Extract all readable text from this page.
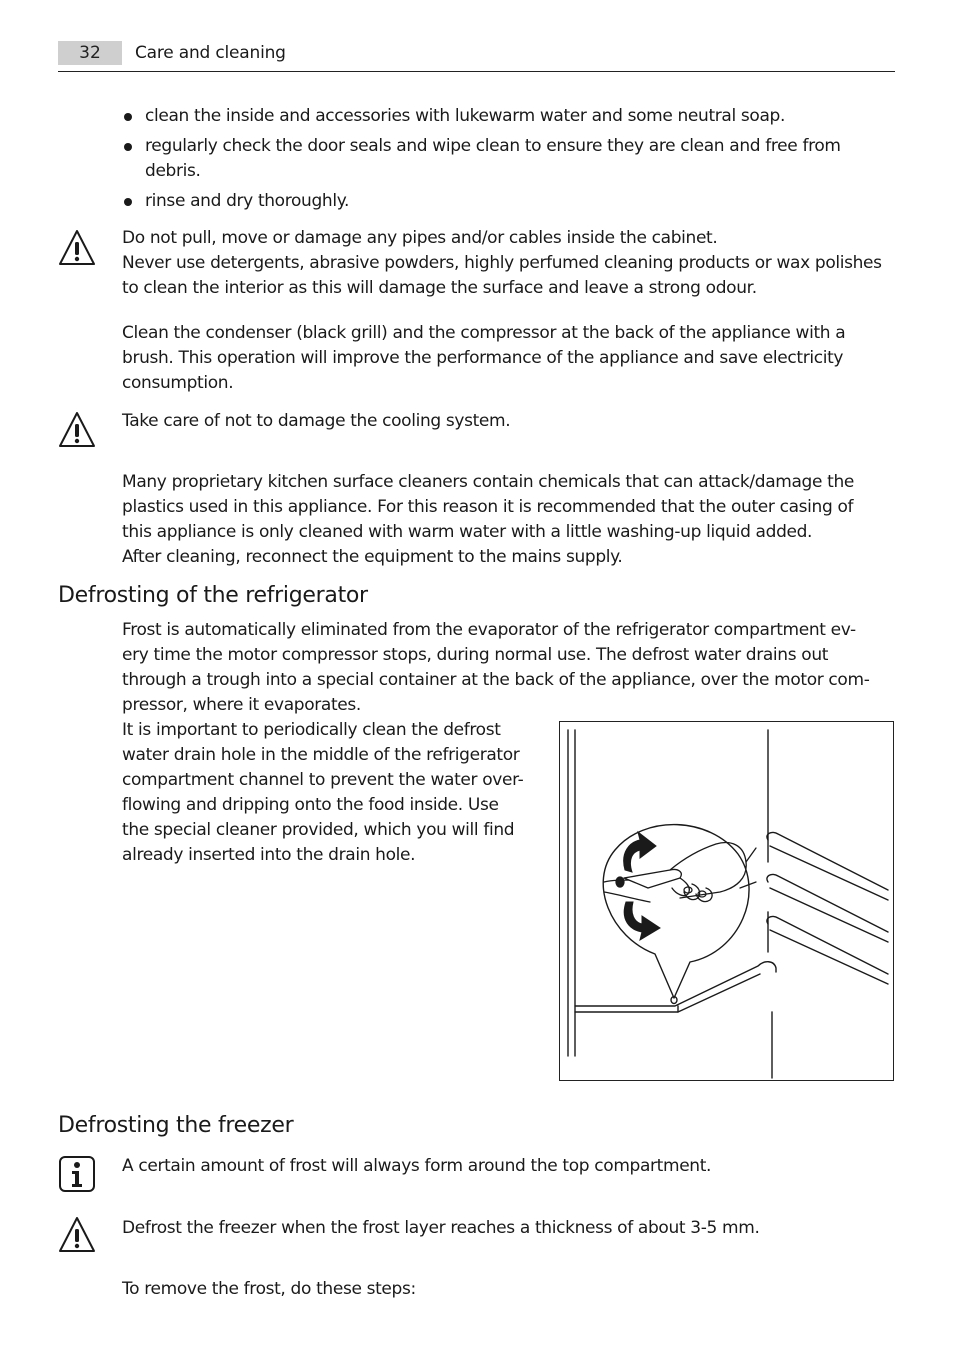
32	Care and cleaning
clean the inside and accessories with lukewarm water and some neutral soap.
regularly check the door seals and wipe clean to ensure they are clean and free from
debris.
rinse and dry thoroughly.
Do not pull, move or damage any pipes and/or cables inside the cabinet.
Never use detergents, abrasive powders, highly perfumed cleaning products or wax polishes
to clean the interior as this will damage the surface and leave a strong odour.
Clean the condenser (black grill) and the compressor at the back of the appliance with a
brush. This operation will improve the performance of the appliance and save electricity
consumption.
Take care of not to damage the cooling system.
Many proprietary kitchen surface cleaners contain chemicals that can attack/damage the
plastics used in this appliance. For this reason it is recommended that the outer casing of
this appliance is only cleaned with warm water with a little washing-up liquid added.
After cleaning, reconnect the equipment to the mains supply.
Defrosting of the refrigerator
Frost is automatically eliminated from the evaporator of the refrigerator compartment ev-
ery time the motor compressor stops, during normal use. The defrost water drains out
through a trough into a special container at the back of the appliance, over the motor com-
pressor, where it evaporates.
It is important to periodically clean the defrost
water drain hole in the middle of the refrigerator
compartment channel to prevent the water over-
flowing and dripping onto the food inside. Use
the special cleaner provided, which you will find
already inserted into the drain hole.
Defrosting the freezer
A certain amount of frost will always form around the top compartment.
Defrost the freezer when the frost layer reaches a thickness of about 3-5 mm.
To remove the frost, do these steps:
